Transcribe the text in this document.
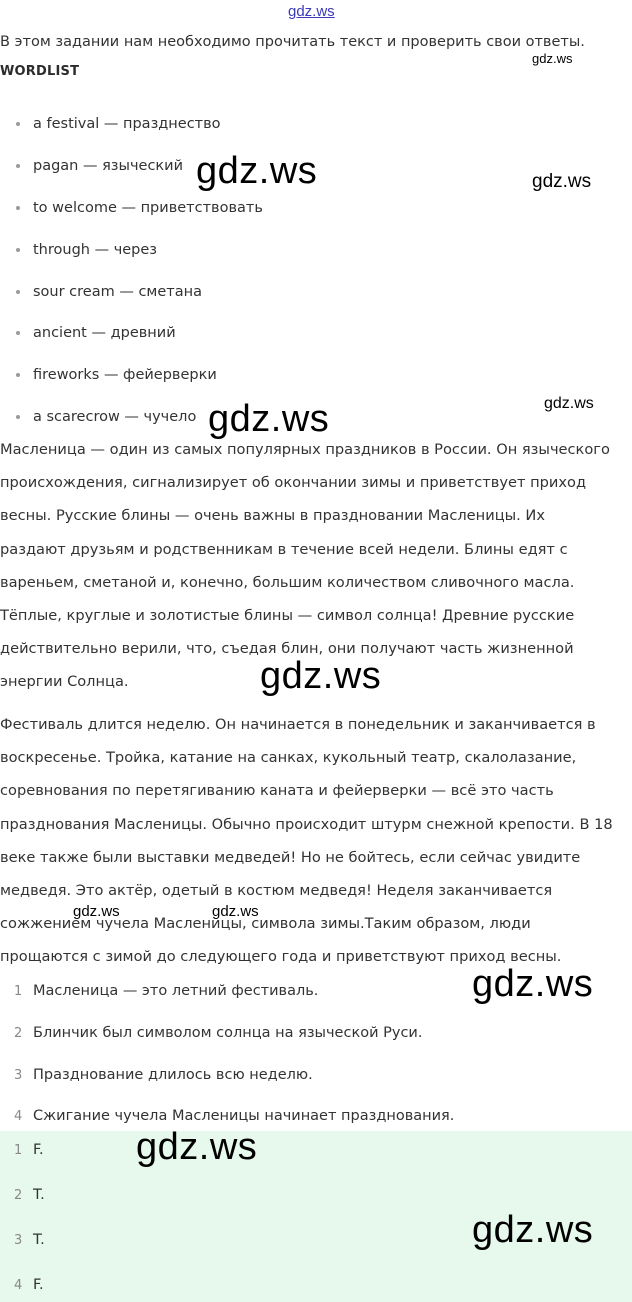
gdz.ws
gdz.ws
gdz.ws	gdz.ws
gdz.ws	gdz.ws
gdz.ws
gdz.ws	gdz.ws
gdz.ws
В этом задании нам необходимо прочитать текст и проверить свои ответы.
WORDLIST
a festival — празднество
pagan — языческий
to welcome — приветствовать
through — через
sour cream — сметана
ancient — древний
fireworks — фейерверки
a scarecrow — чучело
Масленица — один из самых популярных праздников в России. Он языческого
происхождения, сигнализирует об окончании зимы и приветствует приход
весны. Русские блины — очень важны в праздновании Масленицы. Их
раздают друзьям и родственникам в течение всей недели. Блины едят с
вареньем, сметаной и, конечно, большим количеством сливочного масла.
Тёплые, круглые и золотистые блины — символ солнца! Древние русские
действительно верили, что, съедая блин, они получают часть жизненной
энергии Солнца.
Фестиваль длится неделю. Он начинается в понедельник и заканчивается в
воскресенье. Тройка, катание на санках, кукольный театр, скалолазание,
соревнования по перетягиванию каната и фейерверки — всё это часть
празднования Масленицы. Обычно происходит штурм снежной крепости. В 18
веке также были выставки медведей! Но не бойтесь, если сейчас увидите
медведя. Это актёр, одетый в костюм медведя! Неделя заканчивается
сожжением чучела Масленицы, символа зимы.Таким образом, люди
прощаются с зимой до следующего года и приветствуют приход весны.
1 Масленица — это летний фестиваль.
2 Блинчик был символом солнца на языческой Руси.
3 Празднование длилось всю неделю.
4 Сжигание чучела Масленицы начинает празднования.
1 F.
2 T.
3 T.
4 F.
gdz.ws
gdz.ws
